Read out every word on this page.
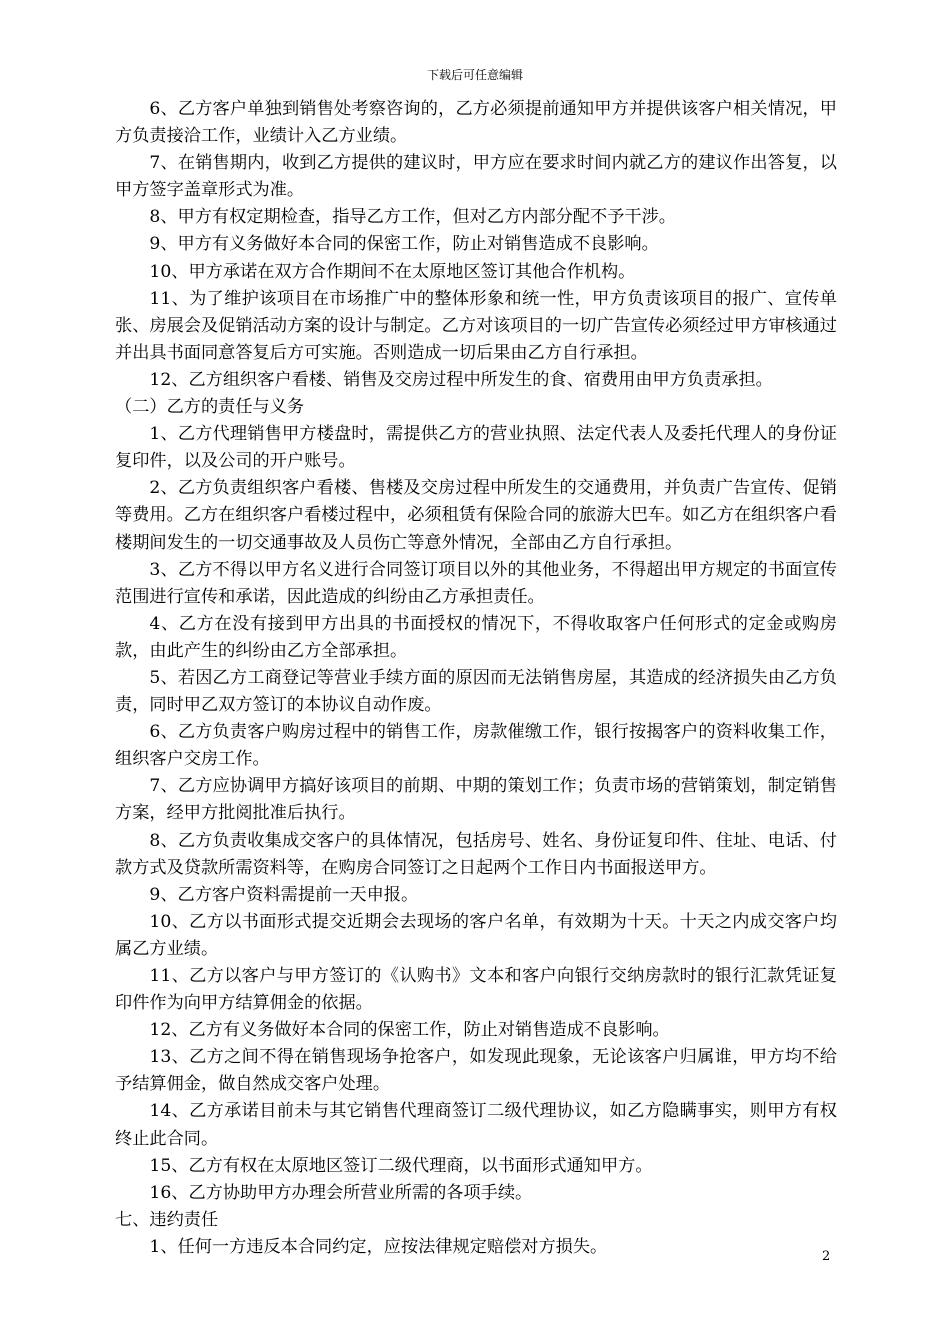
下载后可任意编辑

6、乙方客户单独到销售处考察咨询的，乙方必须提前通知甲方并提供该客户相关情况，甲方负责接洽工作，业绩计入乙方业绩。

7、在销售期内，收到乙方提供的建议时，甲方应在要求时间内就乙方的建议作出答复，以甲方签字盖章形式为准。

8、甲方有权定期检查，指导乙方工作，但对乙方内部分配不予干涉。

9、甲方有义务做好本合同的保密工作，防止对销售造成不良影响。

10、甲方承诺在双方合作期间不在太原地区签订其他合作机构。

11、为了维护该项目在市场推广中的整体形象和统一性，甲方负责该项目的报广、宣传单张、房展会及促销活动方案的设计与制定。乙方对该项目的一切广告宣传必须经过甲方审核通过并出具书面同意答复后方可实施。否则造成一切后果由乙方自行承担。

12、乙方组织客户看楼、销售及交房过程中所发生的食、宿费用由甲方负责承担。

（二）乙方的责任与义务

1、乙方代理销售甲方楼盘时，需提供乙方的营业执照、法定代表人及委托代理人的身份证复印件，以及公司的开户账号。

2、乙方负责组织客户看楼、售楼及交房过程中所发生的交通费用，并负责广告宣传、促销等费用。乙方在组织客户看楼过程中，必须租赁有保险合同的旅游大巴车。如乙方在组织客户看楼期间发生的一切交通事故及人员伤亡等意外情况，全部由乙方自行承担。

3、乙方不得以甲方名义进行合同签订项目以外的其他业务，不得超出甲方规定的书面宣传范围进行宣传和承诺，因此造成的纠纷由乙方承担责任。

4、乙方在没有接到甲方出具的书面授权的情况下，不得收取客户任何形式的定金或购房款，由此产生的纠纷由乙方全部承担。

5、若因乙方工商登记等营业手续方面的原因而无法销售房屋，其造成的经济损失由乙方负责，同时甲乙双方签订的本协议自动作废。

6、乙方负责客户购房过程中的销售工作，房款催缴工作，银行按揭客户的资料收集工作，组织客户交房工作。

7、乙方应协调甲方搞好该项目的前期、中期的策划工作；负责市场的营销策划，制定销售方案，经甲方批阅批准后执行。

8、乙方负责收集成交客户的具体情况，包括房号、姓名、身份证复印件、住址、电话、付款方式及贷款所需资料等，在购房合同签订之日起两个工作日内书面报送甲方。

9、乙方客户资料需提前一天申报。

10、乙方以书面形式提交近期会去现场的客户名单，有效期为十天。十天之内成交客户均属乙方业绩。

11、乙方以客户与甲方签订的《认购书》文本和客户向银行交纳房款时的银行汇款凭证复印件作为向甲方结算佣金的依据。

12、乙方有义务做好本合同的保密工作，防止对销售造成不良影响。

13、乙方之间不得在销售现场争抢客户，如发现此现象，无论该客户归属谁，甲方均不给予结算佣金，做自然成交客户处理。

14、乙方承诺目前未与其它销售代理商签订二级代理协议，如乙方隐瞒事实，则甲方有权终止此合同。

15、乙方有权在太原地区签订二级代理商，以书面形式通知甲方。

16、乙方协助甲方办理会所营业所需的各项手续。

七、违约责任

1、任何一方违反本合同约定，应按法律规定赔偿对方损失。	2
